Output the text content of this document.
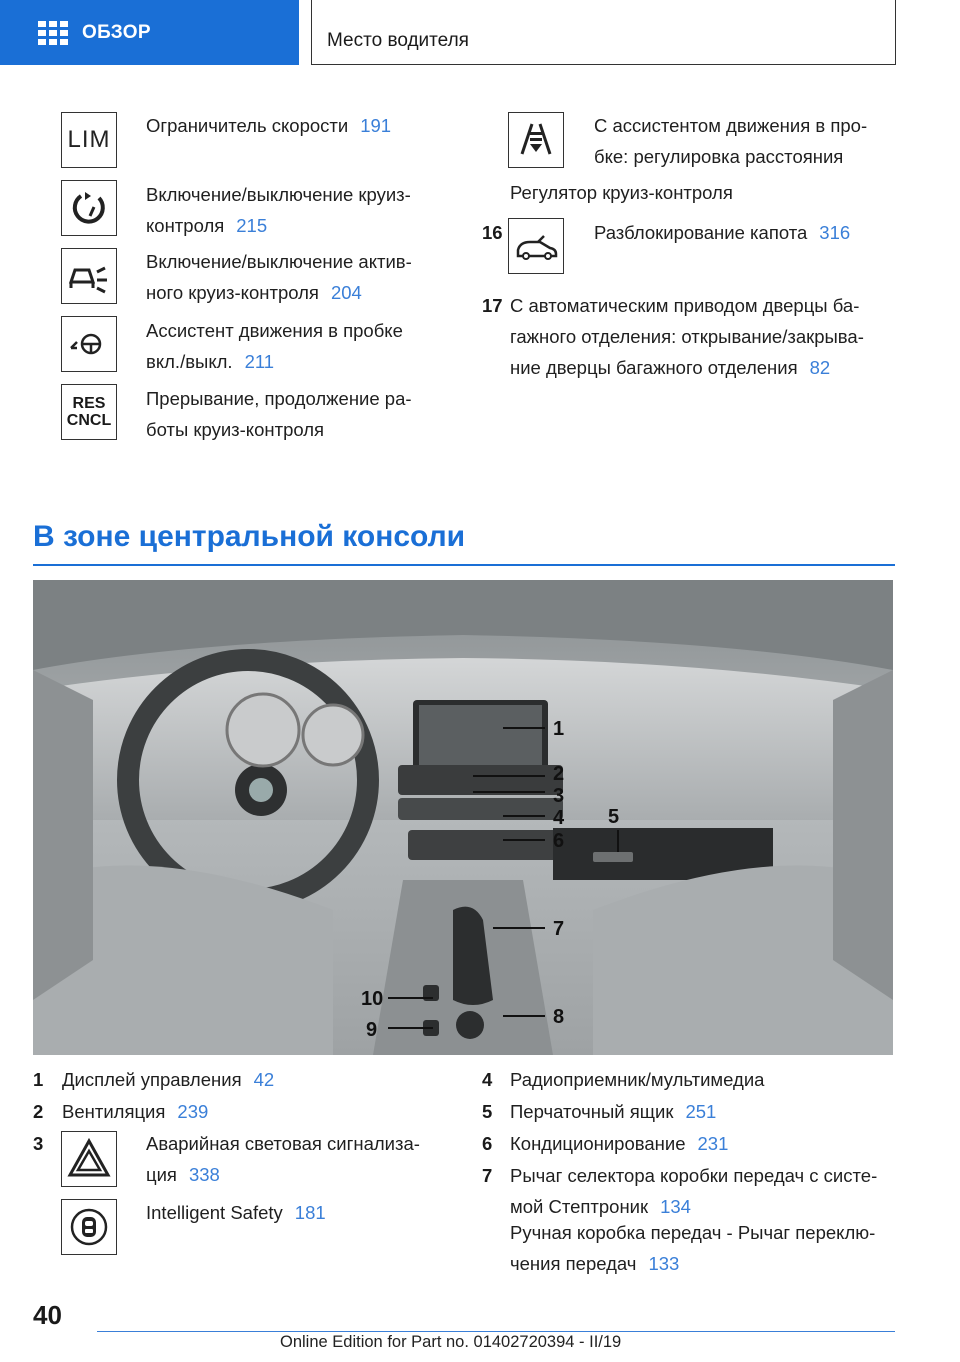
ОБЗОР	Место водителя
LIM
Ограничитель скорости 191
Включение/выключение круиз-
контроля 215
Включение/выключение актив-
ного круиз-контроля 204
Ассистент движения в пробке
вкл./выкл. 211
RES
CNCL
Прерывание, продолжение ра-
боты круиз-контроля
С ассистентом движения в про-
бке: регулировка расстояния
Регулятор круиз-контроля
16	Разблокирование капота 316
17 С автоматическим приводом дверцы ба-
гажного отделения: открывание/закрыва-
ние дверцы багажного отделения 82
В зоне центральной консоли
1
2
3
4 5
6
7
8
9
10
1 Дисплей управления 42
2 Вентиляция 239
3	Аварийная световая сигнализа-
ция 338
Intelligent Safety 181
4 Радиоприемник/мультимедиа
5 Перчаточный ящик 251
6 Кондиционирование 231
7 Рычаг селектора коробки передач с систе-
мой Стептроник 134
Ручная коробка передач - Рычаг переклю-
чения передач 133
40
Online Edition for Part no. 01402720394 - II/19
